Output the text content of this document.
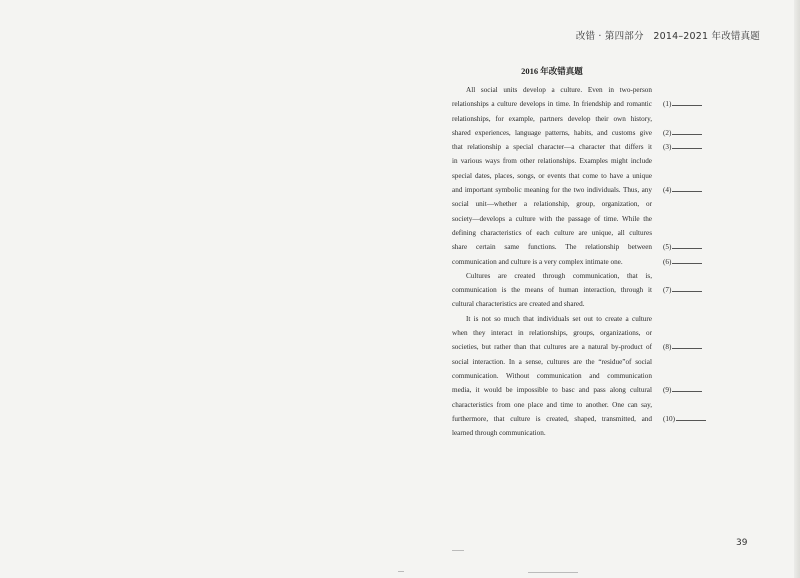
改错 · 第四部分　2014–2021 年改错真题
2016 年改错真题
All social units develop a culture. Even in two-person
relationships a culture develops in time. In friendship and romantic
relationships, for example, partners develop their own history,
shared experiences, language patterns, habits, and customs give
that relationship a special character—a character that differs it
in various ways from other relationships. Examples might include
special dates, places, songs, or events that come to have a unique
and important symbolic meaning for the two individuals. Thus, any
social unit—whether a relationship, group, organization, or
society—develops a culture with the passage of time. While the
defining characteristics of each culture are unique, all cultures
share certain same functions. The relationship between
communication and culture is a very complex intimate one.
Cultures are created through communication, that is,
communication is the means of human interaction, through it
cultural characteristics are created and shared.
It is not so much that individuals set out to create a culture
when they interact in relationships, groups, organizations, or
societies, but rather than that cultures are a natural by-product of
social interaction. In a sense, cultures are the “residue”of social
communication. Without communication and communication
media, it would be impossible to basc and pass along cultural
characteristics from one place and time to another. One can say,
furthermore, that culture is created, shaped, transmitted, and
learned through communication.
(1)
(2)
(3)
(4)
(5)
(6)
(7)
(8)
(9)
(10)
39
